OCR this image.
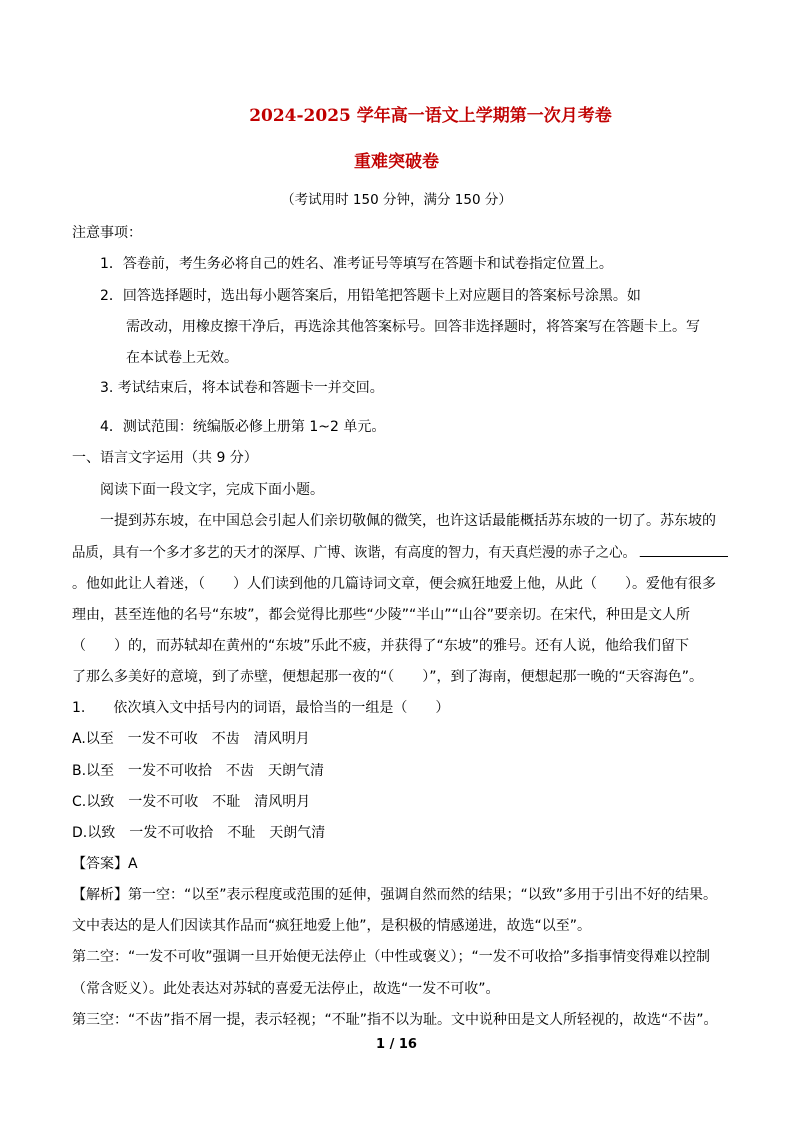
2024-2025 学年高一语文上学期第一次月考卷
重难突破卷
（考试用时 150 分钟，满分 150 分）
注意事项：
1．答卷前，考生务必将自己的姓名、准考证号等填写在答题卡和试卷指定位置上。
2．回答选择题时，选出每小题答案后，用铅笔把答题卡上对应题目的答案标号涂黑。如
需改动，用橡皮擦干净后，再选涂其他答案标号。回答非选择题时，将答案写在答题卡上。写
在本试卷上无效。
3. 考试结束后，将本试卷和答题卡一并交回。
4．测试范围：统编版必修上册第 1~2 单元。
一、语言文字运用（共 9 分）
阅读下面一段文字，完成下面小题。
一提到苏东坡，在中国总会引起人们亲切敬佩的微笑，也许这话最能概括苏东坡的一切了。苏东坡的
品质，具有一个多才多艺的天才的深厚、广博、诙谐，有高度的智力，有天真烂漫的赤子之心。
。他如此让人着迷，（　　）人们读到他的几篇诗词文章，便会疯狂地爱上他，从此（　　）。爱他有很多
理由，甚至连他的名号“东坡”，都会觉得比那些“少陵”“半山”“山谷”要亲切。在宋代，种田是文人所
（　　）的，而苏轼却在黄州的“东坡”乐此不疲，并获得了“东坡”的雅号。还有人说，他给我们留下
了那么多美好的意境，到了赤壁，便想起那一夜的“（　　）”，到了海南，便想起那一晚的“天容海色”。
1.　　依次填入文中括号内的词语，最恰当的一组是（　　）
A.以至　一发不可收　不齿　清风明月
B.以至　一发不可收拾　不齿　天朗气清
C.以致　一发不可收　不耻　清风明月
D.以致　一发不可收拾　不耻　天朗气清
【答案】A
【解析】第一空：“以至”表示程度或范围的延伸，强调自然而然的结果；“以致”多用于引出不好的结果。
文中表达的是人们因读其作品而“疯狂地爱上他”，是积极的情感递进，故选“以至”。
第二空：“一发不可收”强调一旦开始便无法停止（中性或褒义）；“一发不可收拾”多指事情变得难以控制
（常含贬义）。此处表达对苏轼的喜爱无法停止，故选“一发不可收”。
第三空：“不齿”指不屑一提，表示轻视；“不耻”指不以为耻。文中说种田是文人所轻视的，故选“不齿”。
1 / 16
